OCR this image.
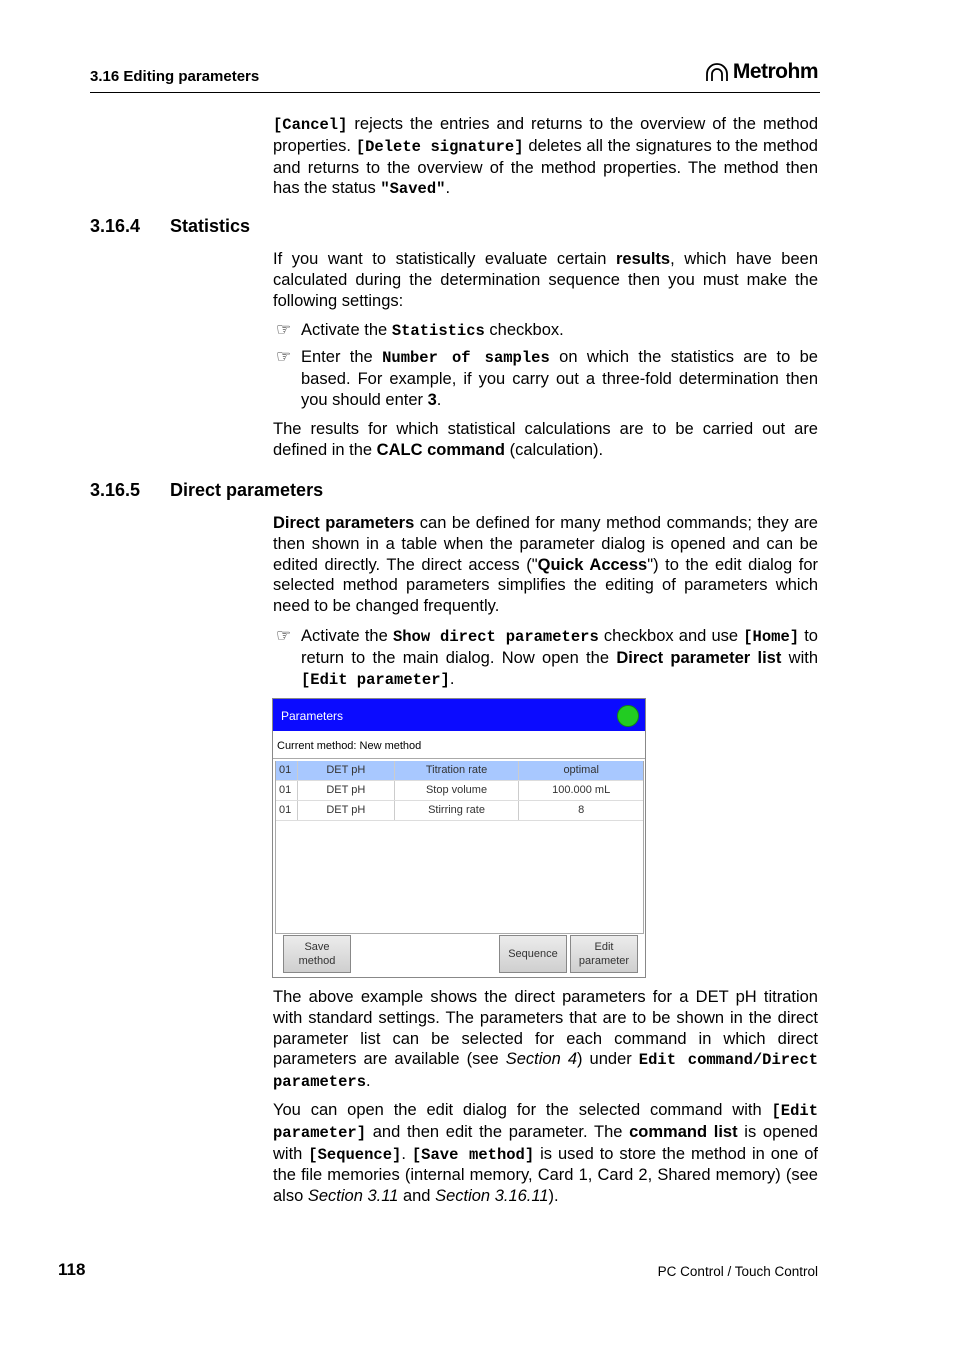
3.16 Editing parameters	Metrohm
[Cancel] rejects the entries and returns to the overview of the method properties. [Delete signature] deletes all the signatures to the method and returns to the overview of the method properties. The method then has the status "Saved".
3.16.4 Statistics
If you want to statistically evaluate certain results, which have been calculated during the determination sequence then you must make the following settings:
☞ Activate the Statistics checkbox.
☞ Enter the Number of samples on which the statistics are to be based. For example, if you carry out a three-fold determination then you should enter 3.
The results for which statistical calculations are to be carried out are defined in the CALC command (calculation).
3.16.5 Direct parameters
Direct parameters can be defined for many method commands; they are then shown in a table when the parameter dialog is opened and can be edited directly. The direct access ("Quick Access") to the edit dialog for selected method parameters simplifies the editing of parameters which need to be changed frequently.
☞ Activate the Show direct parameters checkbox and use [Home] to return to the main dialog. Now open the Direct parameter list with [Edit parameter].
Parameters
Current method: New method
01	DET pH	Titration rate	optimal
01	DET pH	Stop volume	100.000 mL
01	DET pH	Stirring rate	8
Save method
Sequence
Edit parameter
The above example shows the direct parameters for a DET pH titration with standard settings. The parameters that are to be shown in the direct parameter list can be selected for each command in which direct parameters are available (see Section 4) under Edit command/Direct parameters.
You can open the edit dialog for the selected command with [Edit parameter] and then edit the parameter. The command list is opened with [Sequence]. [Save method] is used to store the method in one of the file memories (internal memory, Card 1, Card 2, Shared memory) (see also Section 3.11 and Section 3.16.11).
118	PC Control / Touch Control
